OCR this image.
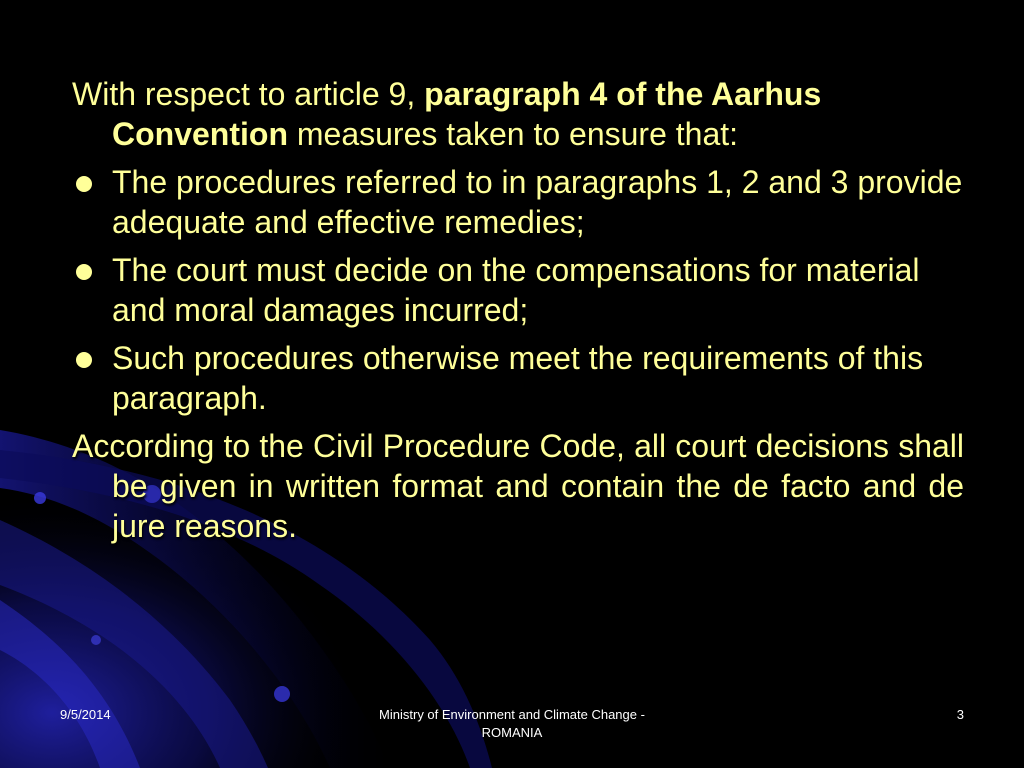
With respect to article 9, paragraph 4 of the Aarhus Convention measures taken to ensure that:

The procedures referred to in paragraphs 1, 2 and 3 provide adequate and effective remedies;
The court must decide on the compensations for material and moral damages incurred;
Such procedures otherwise meet the requirements of this paragraph.

According to the Civil Procedure Code, all court decisions shall be given in written format and contain the de facto and de jure reasons.

9/5/2014	Ministry of Environment and Climate Change -
ROMANIA
3
